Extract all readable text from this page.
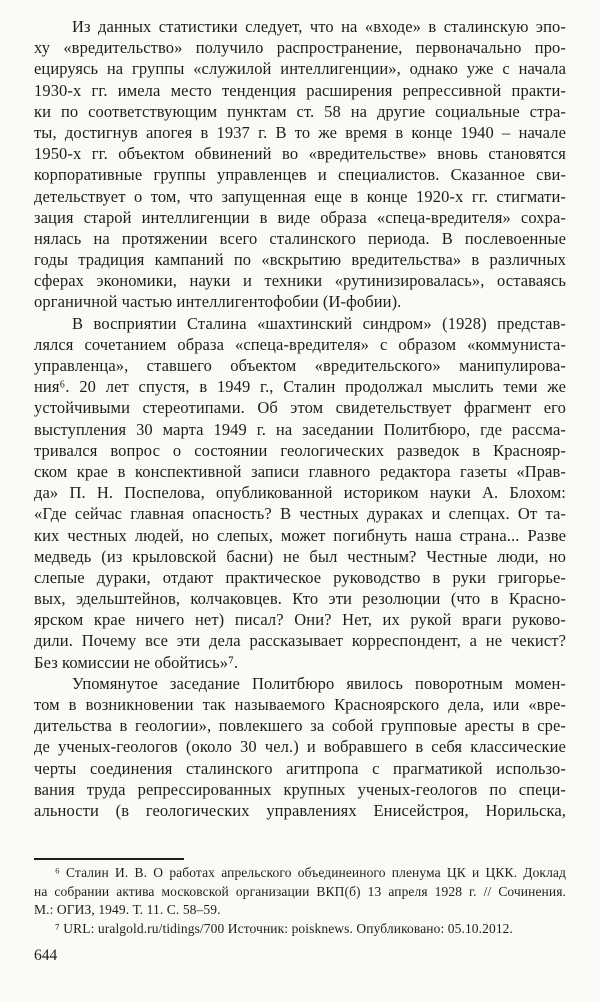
Из данных статистики следует, что на «входе» в сталинскую эпо-
ху «вредительство» получило распространение, первоначально про-
ецируясь на группы «служилой интеллигенции», однако уже с начала
1930-х гг. имела место тенденция расширения репрессивной практи-
ки по соответствующим пунктам ст. 58 на другие социальные стра-
ты, достигнув апогея в 1937 г. В то же время в конце 1940 – начале
1950-х гг. объектом обвинений во «вредительстве» вновь становятся
корпоративные группы управленцев и специалистов. Сказанное сви-
детельствует о том, что запущенная еще в конце 1920-х гг. стигмати-
зация старой интеллигенции в виде образа «спеца-вредителя» сохра-
нялась на протяжении всего сталинского периода. В послевоенные
годы традиция кампаний по «вскрытию вредительства» в различных
сферах экономики, науки и техники «рутинизировалась», оставаясь
органичной частью интеллигентофобии (И-фобии).
В восприятии Сталина «шахтинский синдром» (1928) представ-
лялся сочетанием образа «спеца-вредителя» с образом «коммуниста-
управленца», ставшего объектом «вредительского» манипулирова-
ния⁶. 20 лет спустя, в 1949 г., Сталин продолжал мыслить теми же
устойчивыми стереотипами. Об этом свидетельствует фрагмент его
выступления 30 марта 1949 г. на заседании Политбюро, где рассма-
тривался вопрос о состоянии геологических разведок в Краснояр-
ском крае в конспективной записи главного редактора газеты «Прав-
да» П. Н. Поспелова, опубликованной историком науки А. Блохом:
«Где сейчас главная опасность? В честных дураках и слепцах. От та-
ких честных людей, но слепых, может погибнуть наша страна... Разве
медведь (из крыловской басни) не был честным? Честные люди, но
слепые дураки, отдают практическое руководство в руки григорье-
вых, эдельштейнов, колчаковцев. Кто эти резолюции (что в Красно-
ярском крае ничего нет) писал? Они? Нет, их рукой враги руково-
дили. Почему все эти дела рассказывает корреспондент, а не чекист?
Без комиссии не обойтись»⁷.
Упомянутое заседание Политбюро явилось поворотным момен-
том в возникновении так называемого Красноярского дела, или «вре-
дительства в геологии», повлекшего за собой групповые аресты в сре-
де ученых-геологов (около 30 чел.) и вобравшего в себя классические
черты соединения сталинского агитпропа с прагматикой использо-
вания труда репрессированных крупных ученых-геологов по специ-
альности (в геологических управлениях Енисейстроя, Норильска,
⁶ Сталин И. В. О работах апрельского объединеиного пленума ЦК и ЦКК. Доклад
на собрании актива московской организации ВКП(б) 13 апреля 1928 г. // Сочинения.
М.: ОГИЗ, 1949. Т. 11. С. 58–59.
⁷ URL: uralgold.ru/tidings/700 Источник: poisknews. Опубликовано: 05.10.2012.
644
